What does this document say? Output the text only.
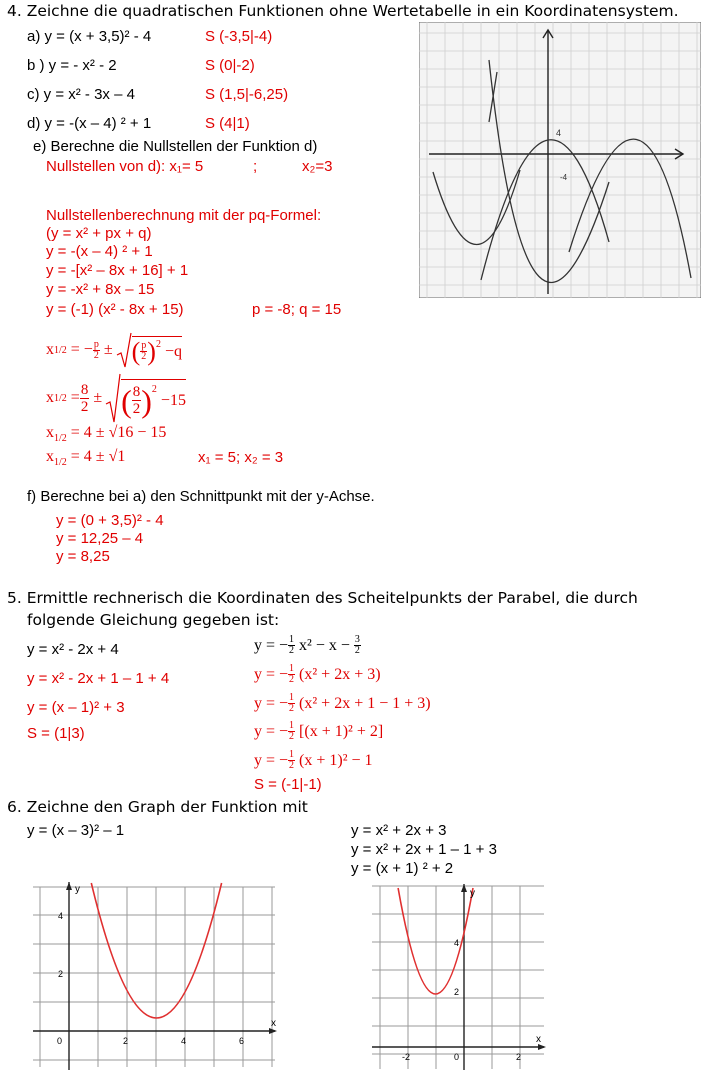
4. Zeichne die quadratischen Funktionen ohne Wertetabelle in ein Koordinatensystem.
a) y = (x + 3,5)² - 4	S (-3,5|-4)
b ) y = - x² - 2	S (0|-2)
c) y = x² - 3x – 4	S (1,5|-6,25)
d) y = -(x – 4) ² + 1	S (4|1)
e) Berechne die Nullstellen der Funktion d)
Nullstellen von d): x₁= 5	;	x₂=3
Nullstellenberechnung mit der pq-Formel:
(y = x² + px + q)
y = -(x – 4) ² + 1
y = -[x² – 8x + 16] + 1
y = -x² + 8x – 15
y = (-1) (x² - 8x + 15)	p = -8; q = 15
x 1/2 = − $\frac{p}{2}$ ± ( $\frac{p}{2} )^2 - q$
x $1/2 = \frac{8}{2}$ ± ( $\frac{8}{2} )^2$
− 15
$x_{1/2} = 4 \pm √16 - 15$
$x_{1/2} = 4 \pm √1$	x₁ = 5; x₂ = 3
f) Berechne bei a) den Schnittpunkt mit der y-Achse.
y = (0 + 3,5)² - 4
y = 12,25 – 4
y = 8,25
4
-4
5. Ermittle rechnerisch die Koordinaten des Scheitelpunkts der Parabel, die durch
folgende Gleichung gegeben ist:
y = x² - 2x + 4
y = x² - 2x + 1 – 1 + 4
y = (x – 1)² + 3
S = (1|3)
y = − $\frac{1}{2}$
x² − x −
$\frac{3}{2}$
y = − $\frac{1}{2}$
(x² + 2x + 3)
y = − $\frac{1}{2}$
(x² + 2x + 1 − 1 + 3)
y = − $\frac{1}{2}$
[(x + 1)² + 2]
y = − $\frac{1}{2}$
(x + 1)² − 1
S = (-1|-1)
6. Zeichne den Graph der Funktion mit
y = (x – 3)² – 1	y = x² + 2x + 3
y = x² + 2x + 1 – 1 + 3
y = (x + 1) ² + 2
x
y
0	2	4	6
2
4
x
y
-2	0	2
2
4
